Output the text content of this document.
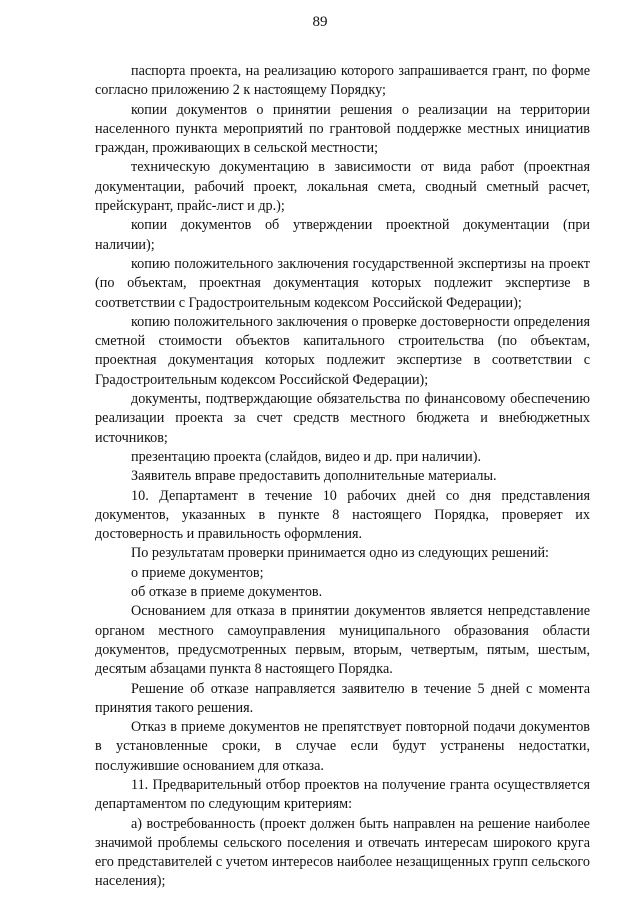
89

паспорта проекта, на реализацию которого запрашивается грант, по форме согласно приложению 2 к настоящему Порядку;

копии документов о принятии решения о реализации на территории населенного пункта мероприятий по грантовой поддержке местных инициатив граждан, проживающих в сельской местности;

техническую документацию в зависимости от вида работ (проектная документации, рабочий проект, локальная смета, сводный сметный расчет, прейскурант, прайс-лист и др.);

копии документов об утверждении проектной документации (при наличии);

копию положительного заключения государственной экспертизы на проект (по объектам, проектная документация которых подлежит экспертизе в соответствии с Градостроительным кодексом Российской Федерации);

копию положительного заключения о проверке достоверности определения сметной стоимости объектов капитального строительства (по объектам, проектная документация которых подлежит экспертизе в соответствии с Градостроительным кодексом Российской Федерации);

документы, подтверждающие обязательства по финансовому обеспечению реализации проекта за счет средств местного бюджета и внебюджетных источников;

презентацию проекта (слайдов, видео и др. при наличии).

Заявитель вправе предоставить дополнительные материалы.

10. Департамент в течение 10 рабочих дней со дня представления документов, указанных в пункте 8 настоящего Порядка, проверяет их достоверность и правильность оформления.

По результатам проверки принимается одно из следующих решений:

о приеме документов;

об отказе в приеме документов.

Основанием для отказа в принятии документов является непредставление органом местного самоуправления муниципального образования области документов, предусмотренных первым, вторым, четвертым, пятым, шестым, десятым абзацами пункта 8 настоящего Порядка.

Решение об отказе направляется заявителю в течение 5 дней с момента принятия такого решения.

Отказ в приеме документов не препятствует повторной подачи документов в установленные сроки, в случае если будут устранены недостатки, послужившие основанием для отказа.

11. Предварительный отбор проектов на получение гранта осуществляется департаментом по следующим критериям:

а) востребованность (проект должен быть направлен на решение наиболее значимой проблемы сельского поселения и отвечать интересам широкого круга его представителей с учетом интересов наиболее незащищенных групп сельского населения);
